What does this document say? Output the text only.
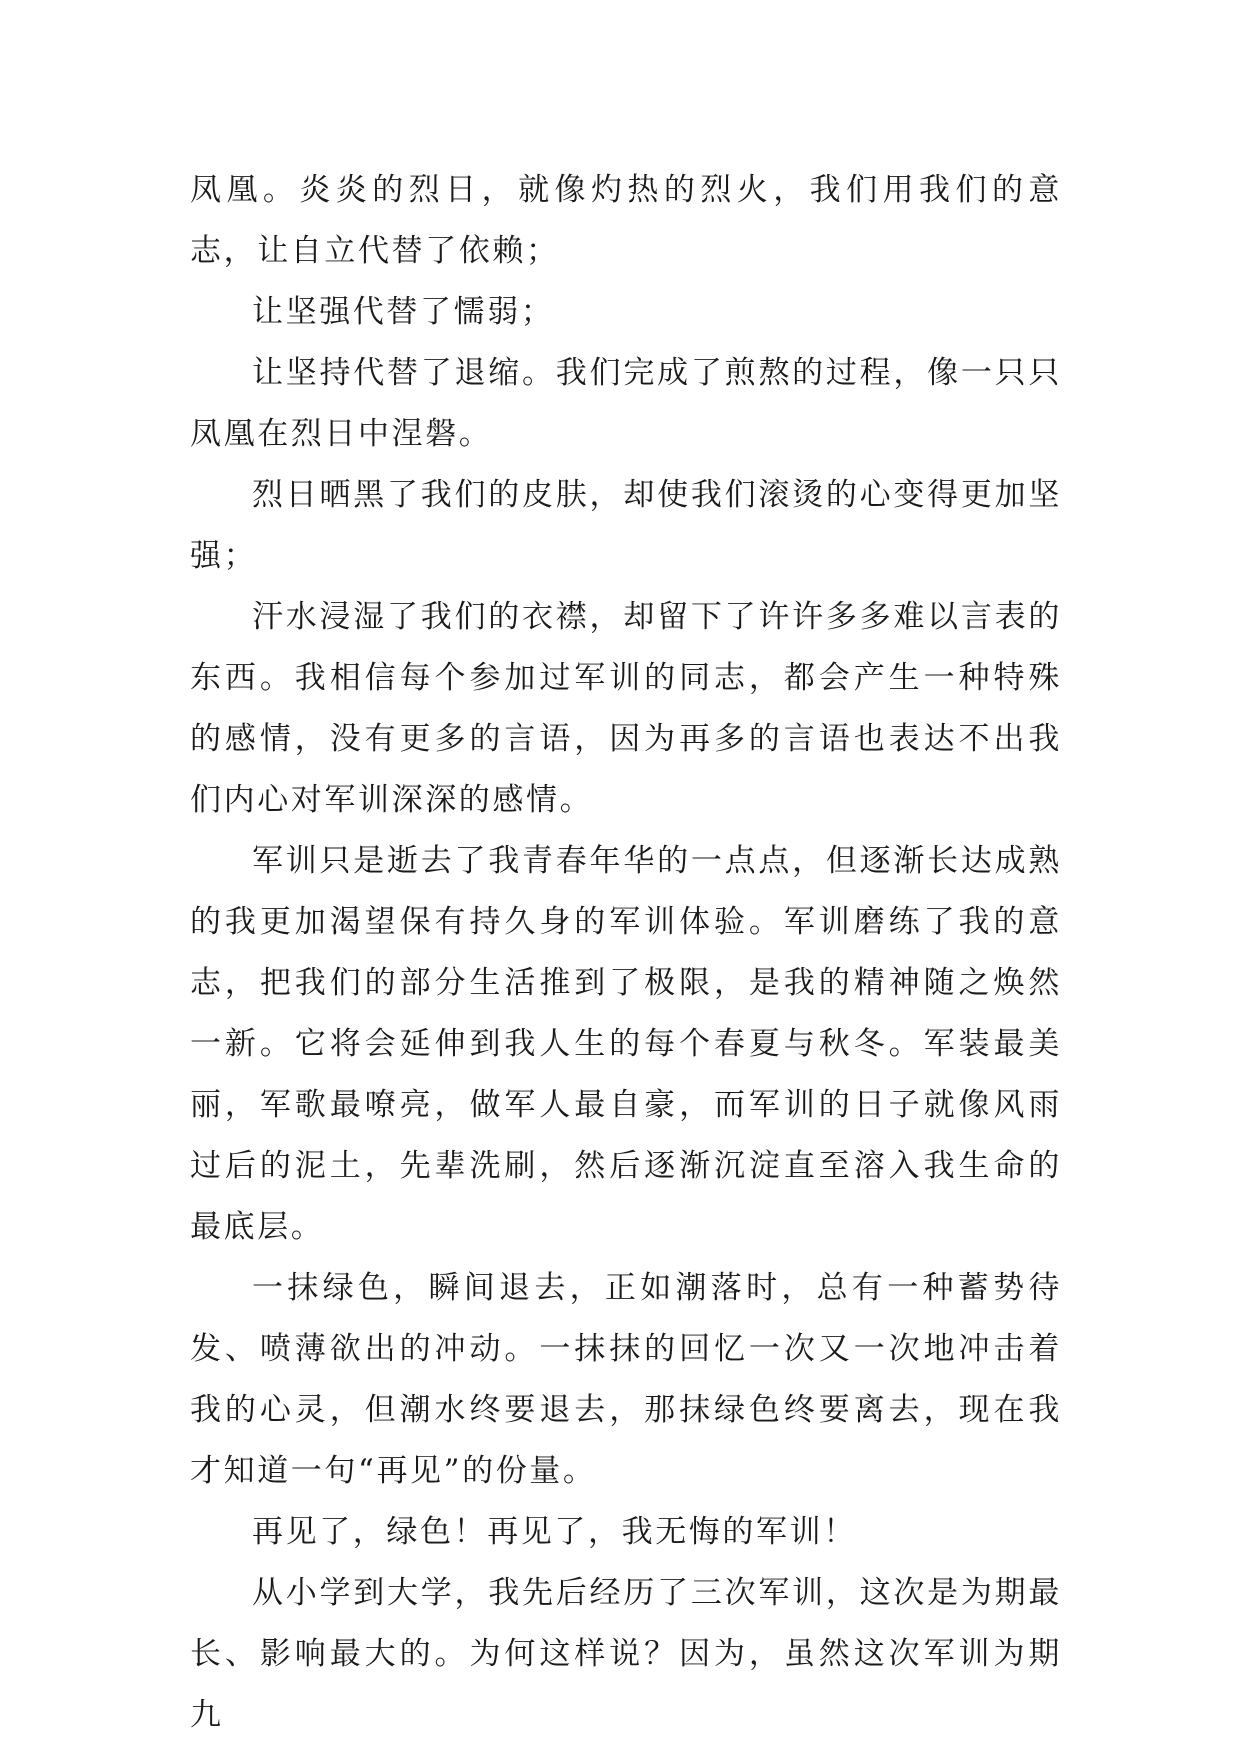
凤凰。炎炎的烈日，就像灼热的烈火，我们用我们的意志，让自立代替了依赖；

让坚强代替了懦弱；

让坚持代替了退缩。我们完成了煎熬的过程，像一只只凤凰在烈日中涅磐。

烈日晒黑了我们的皮肤，却使我们滚烫的心变得更加坚强；

汗水浸湿了我们的衣襟，却留下了许许多多难以言表的东西。我相信每个参加过军训的同志，都会产生一种特殊的感情，没有更多的言语，因为再多的言语也表达不出我们内心对军训深深的感情。

军训只是逝去了我青春年华的一点点，但逐渐长达成熟的我更加渴望保有持久身的军训体验。军训磨练了我的意志，把我们的部分生活推到了极限，是我的精神随之焕然一新。它将会延伸到我人生的每个春夏与秋冬。军装最美丽，军歌最嘹亮，做军人最自豪，而军训的日子就像风雨过后的泥土，先辈洗刷，然后逐渐沉淀直至溶入我生命的最底层。

一抹绿色，瞬间退去，正如潮落时，总有一种蓄势待发、喷薄欲出的冲动。一抹抹的回忆一次又一次地冲击着我的心灵，但潮水终要退去，那抹绿色终要离去，现在我才知道一句“再见”的份量。

再见了，绿色！再见了，我无悔的军训！

从小学到大学，我先后经历了三次军训，这次是为期最长、影响最大的。为何这样说？因为，虽然这次军训为期九
